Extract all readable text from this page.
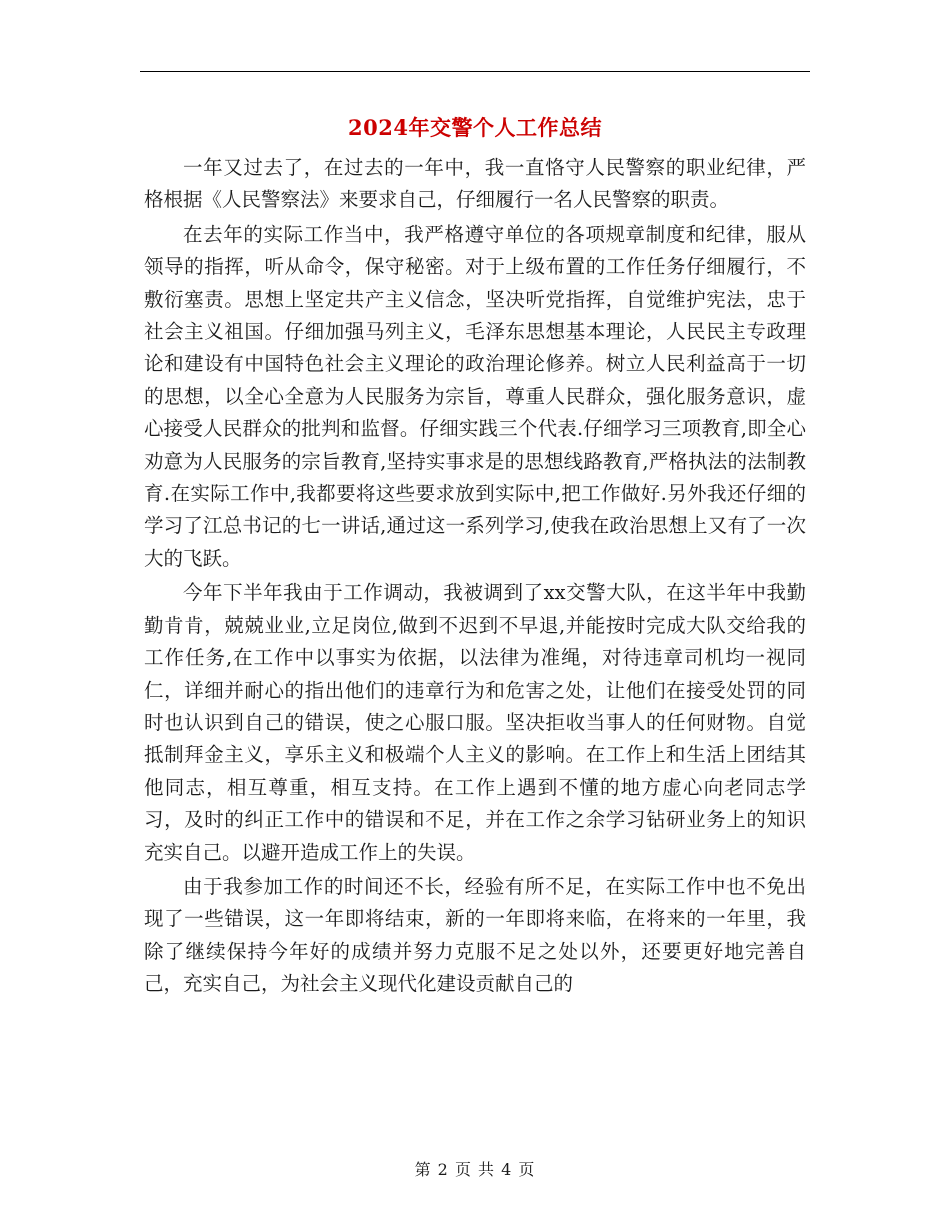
2024年交警个人工作总结

一年又过去了，在过去的一年中，我一直恪守人民警察的职业纪律，严格根据《人民警察法》来要求自己，仔细履行一名人民警察的职责。

在去年的实际工作当中，我严格遵守单位的各项规章制度和纪律，服从领导的指挥，听从命令，保守秘密。对于上级布置的工作任务仔细履行，不敷衍塞责。思想上坚定共产主义信念，坚决听党指挥，自觉维护宪法，忠于社会主义祖国。仔细加强马列主义，毛泽东思想基本理论，人民民主专政理论和建设有中国特色社会主义理论的政治理论修养。树立人民利益高于一切的思想，以全心全意为人民服务为宗旨，尊重人民群众，强化服务意识，虚心接受人民群众的批判和监督。仔细实践三个代表.仔细学习三项教育,即全心劝意为人民服务的宗旨教育,坚持实事求是的思想线路教育,严格执法的法制教育.在实际工作中,我都要将这些要求放到实际中,把工作做好.另外我还仔细的学习了江总书记的七一讲话,通过这一系列学习,使我在政治思想上又有了一次大的飞跃。

今年下半年我由于工作调动，我被调到了xx交警大队，在这半年中我勤勤肯肯，兢兢业业,立足岗位,做到不迟到不早退,并能按时完成大队交给我的工作任务,在工作中以事实为依据，以法律为准绳，对待违章司机均一视同仁，详细并耐心的指出他们的违章行为和危害之处，让他们在接受处罚的同时也认识到自己的错误，使之心服口服。坚决拒收当事人的任何财物。自觉抵制拜金主义，享乐主义和极端个人主义的影响。在工作上和生活上团结其他同志，相互尊重，相互支持。在工作上遇到不懂的地方虚心向老同志学习，及时的纠正工作中的错误和不足，并在工作之余学习钻研业务上的知识充实自己。以避开造成工作上的失误。

由于我参加工作的时间还不长，经验有所不足，在实际工作中也不免出现了一些错误，这一年即将结束，新的一年即将来临，在将来的一年里，我除了继续保持今年好的成绩并努力克服不足之处以外，还要更好地完善自己，充实自己，为社会主义现代化建设贡献自己的

第 2 页 共 4 页
